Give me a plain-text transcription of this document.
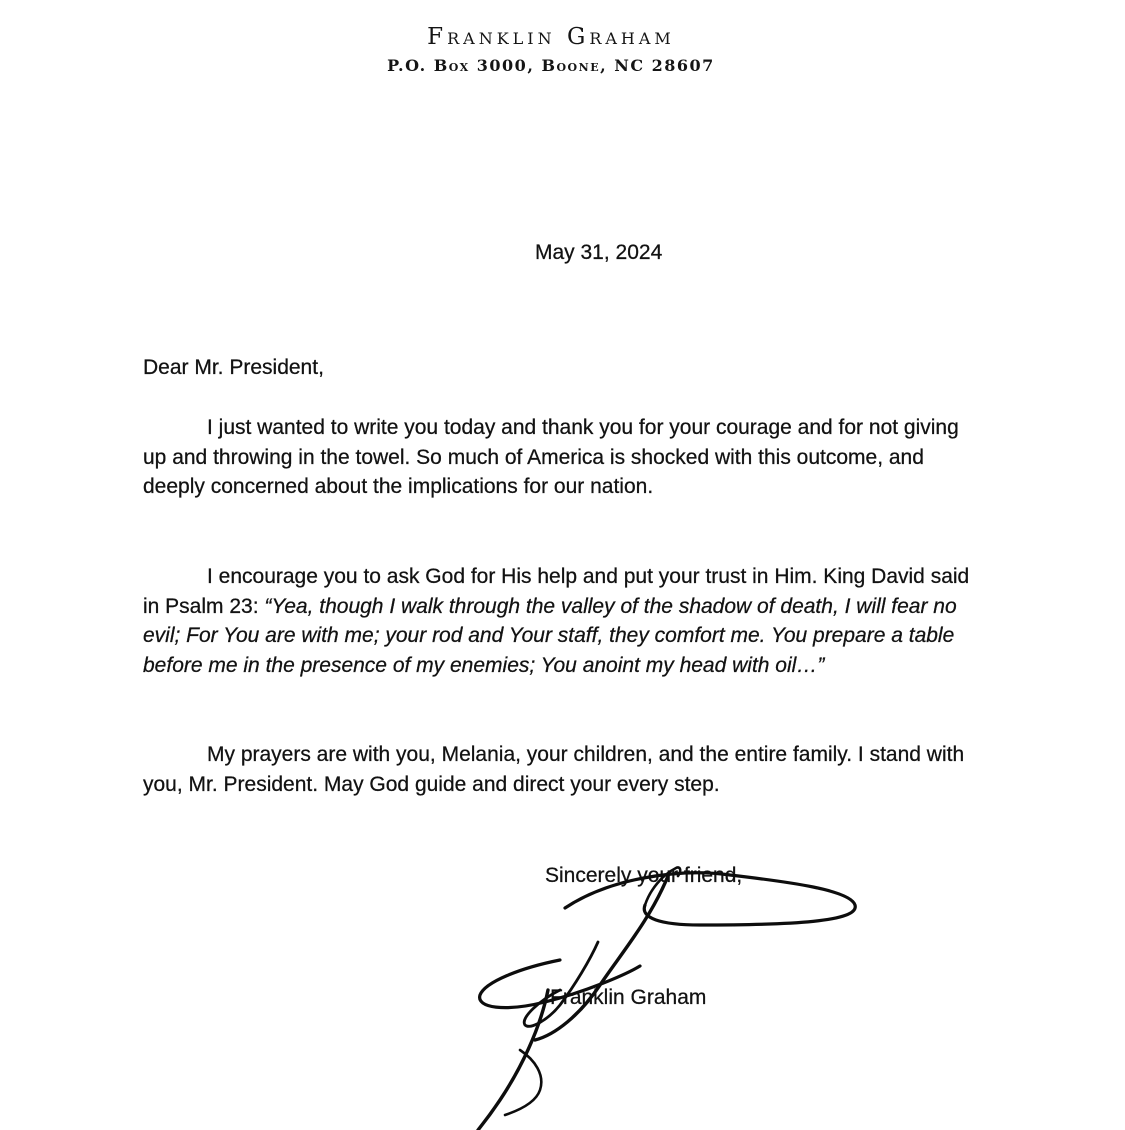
Franklin Graham

P.O. Box 3000, Boone, NC 28607

May 31, 2024

Dear Mr. President,

I just wanted to write you today and thank you for your courage and for not giving up and throwing in the towel. So much of America is shocked with this outcome, and deeply concerned about the implications for our nation.

I encourage you to ask God for His help and put your trust in Him. King David said in Psalm 23: “Yea, though I walk through the valley of the shadow of death, I will fear no evil; For You are with me; your rod and Your staff, they comfort me. You prepare a table before me in the presence of my enemies; You anoint my head with oil…”

My prayers are with you, Melania, your children, and the entire family. I stand with you, Mr. President. May God guide and direct your every step.

Sincerely your friend,

Franklin Graham
